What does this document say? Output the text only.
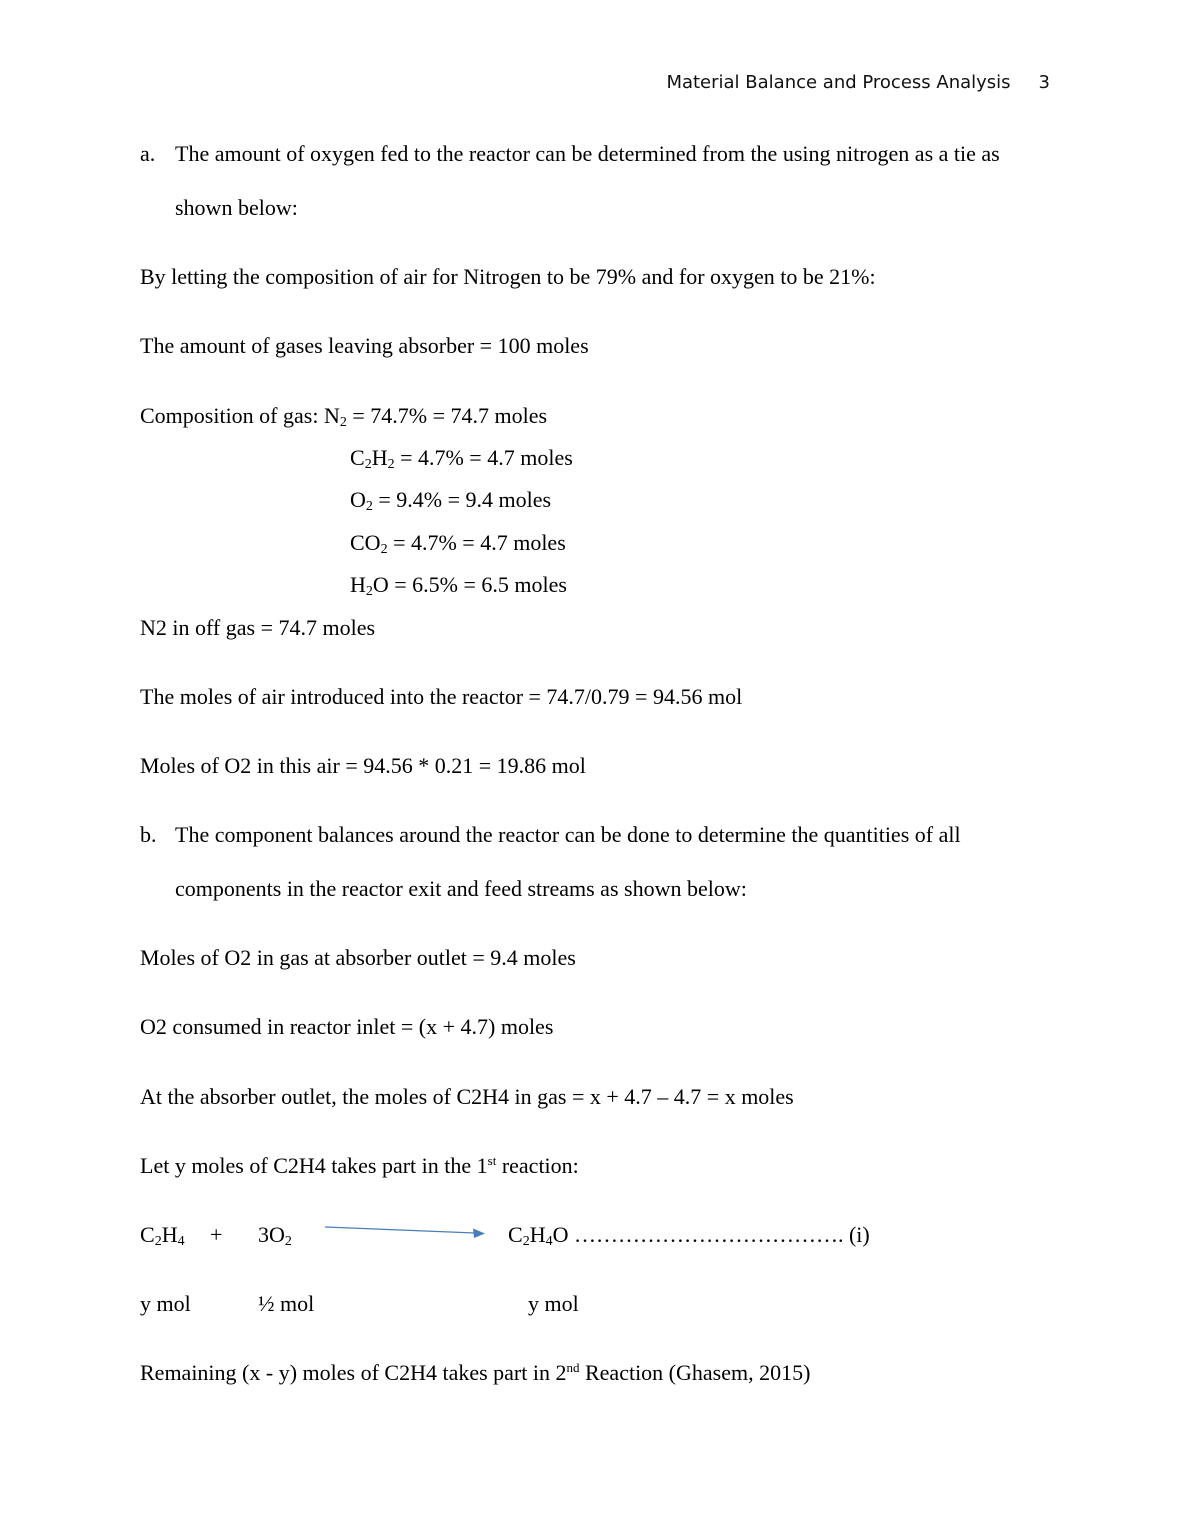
Material Balance and Process Analysis 3
a. The amount of oxygen fed to the reactor can be determined from the using nitrogen as a tie as
shown below:
By letting the composition of air for Nitrogen to be 79% and for oxygen to be 21%:
The amount of gases leaving absorber = 100 moles
Composition of gas: $N_2 = 74.7\% = 74.7$ moles
$C_2H_2 = 4.7\% = 4.7$ moles
$O_2 = 9.4\% = 9.4$ moles
$CO_2 = 4.7\% = 4.7$ moles
$H_2O = 6.5\% = 6.5$ moles
N2 in off gas = 74.7 moles
The moles of air introduced into the reactor = 74.7/0.79 = 94.56 mol
Moles of O2 in this air = 94.56 * 0.21 = 19.86 mol
b. The component balances around the reactor can be done to determine the quantities of all
components in the reactor exit and feed streams as shown below:
Moles of O2 in gas at absorber outlet = 9.4 moles
O2 consumed in reactor inlet = (x + 4.7) moles
At the absorber outlet, the moles of C2H4 in gas = x + 4.7 – 4.7 = x moles
Let y moles of C2H4 takes part in the 1st reaction:
$C_2H_4 + 3O_2$	$C_2H_4O$ ………………………………. (i)
y mol	½ mol	y mol
Remaining (x - y) moles of C2H4 takes part in 2nd Reaction (Ghasem, 2015)
